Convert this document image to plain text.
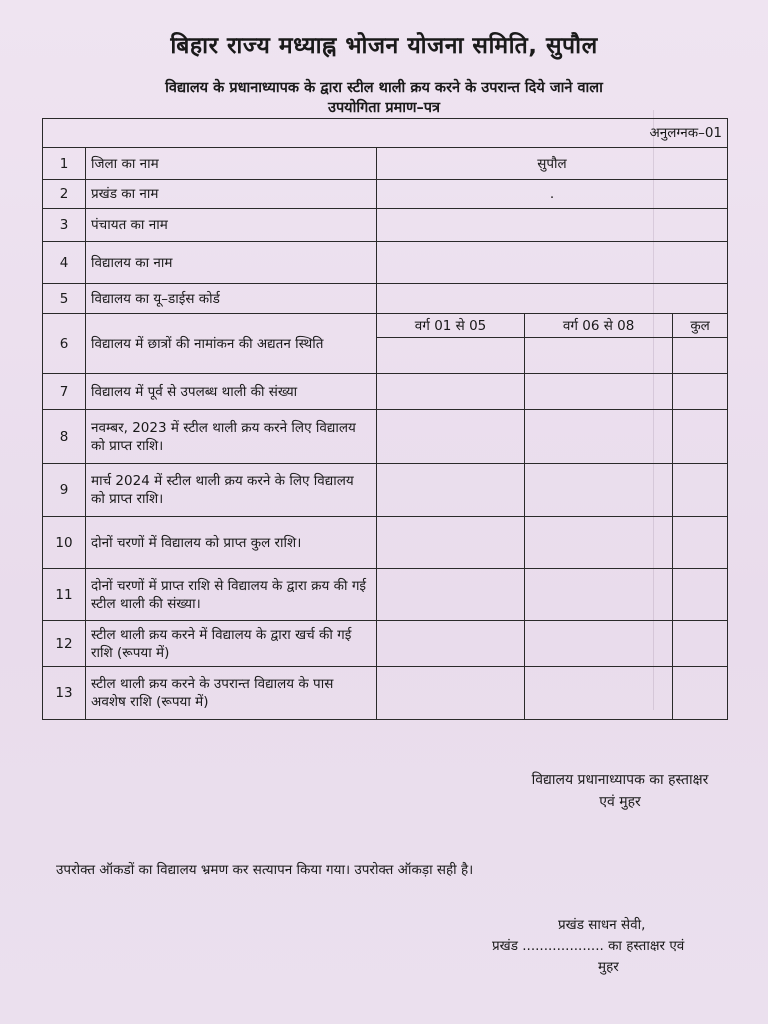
बिहार राज्य मध्याह्न भोजन योजना समिति, सुपौल
विद्यालय के प्रधानाध्यापक के द्वारा स्टील थाली क्रय करने के उपरान्त दिये जाने वाला
उपयोगिता प्रमाण–पत्र
अनुलग्नक–01				
1	जिला का नाम	सुपौल		
2	प्रखंड का नाम	.		
3	पंचायत का नाम			
4	विद्यालय का नाम			
5	विद्यालय का यू–डाईस कोर्ड			
6	विद्यालय में छात्रों की नामांकन की अद्यतन स्थिति	वर्ग 01 से 05	वर्ग 06 से 08	कुल

7	विद्यालय में पूर्व से उपलब्ध थाली की संख्या			
8	नवम्बर, 2023 में स्टील थाली क्रय करने लिए विद्यालय को प्राप्त राशि।			
9	मार्च 2024 में स्टील थाली क्रय करने के लिए विद्यालय को प्राप्त राशि।			
10	दोनों चरणों में विद्यालय को प्राप्त कुल राशि।			
11	दोनों चरणों में प्राप्त राशि से विद्यालय के द्वारा क्रय की गई स्टील थाली की संख्या।			
12	स्टील थाली क्रय करने में विद्यालय के द्वारा खर्च की गई राशि (रूपया में)			
13	स्टील थाली क्रय करने के उपरान्त विद्यालय के पास अवशेष राशि (रूपया में)			
विद्यालय प्रधानाध्यापक का हस्ताक्षर
एवं मुहर
उपरोक्त ऑकडों का विद्यालय भ्रमण कर सत्यापन किया गया। उपरोक्त ऑकड़ा सही है।
प्रखंड साधन सेवी,
प्रखंड ................... का हस्ताक्षर एवं
मुहर
